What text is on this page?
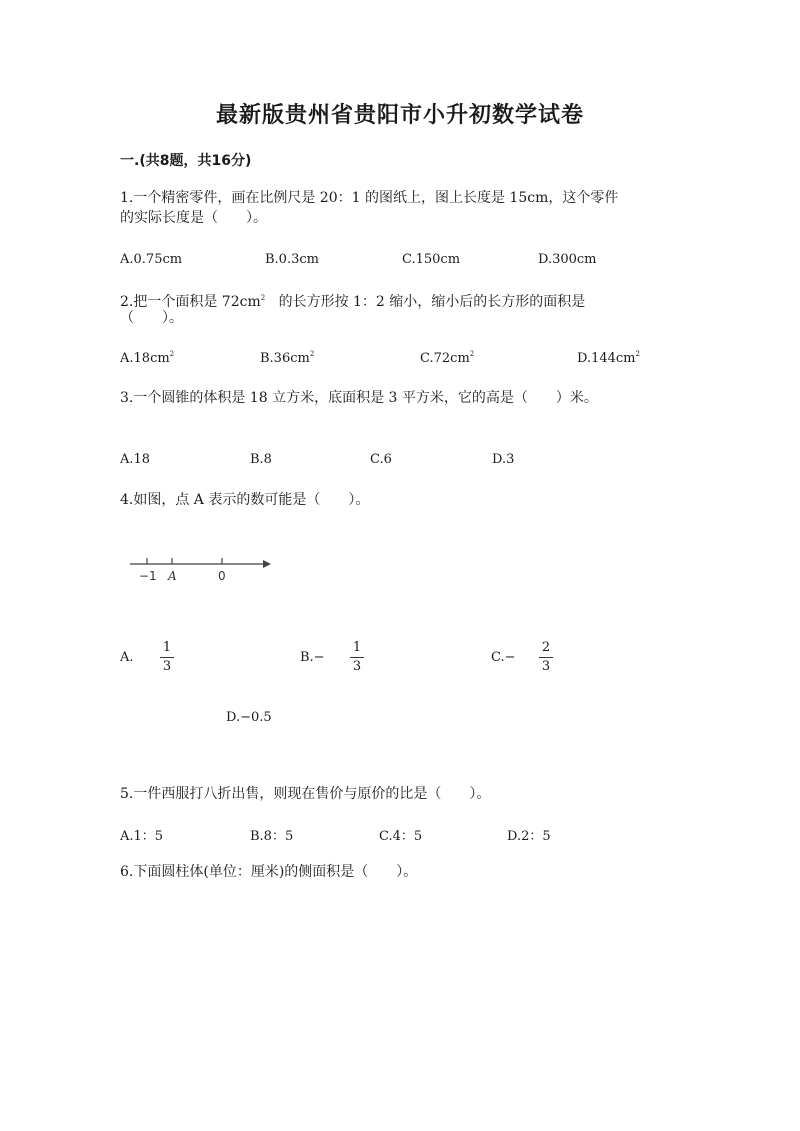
最新版贵州省贵阳市小升初数学试卷
一.(共8题，共16分)
1.一个精密零件，画在比例尺是 20：1 的图纸上，图上长度是 15cm，这个零件
的实际长度是（　　）。
A.0.75cm	B.0.3cm	C.150cm	D.300cm
2.把一个面积是 $72cm^2$ 的长方形按 1：2 缩小，缩小后的长方形的面积是
（　　）。
$A.18cm^2$	$B.36cm^2$	$C.72cm^2$	$D.144cm^2$
3.一个圆锥的体积是 18 立方米，底面积是 3 平方米，它的高是（　　）米。
A.18	B.8	C.6	D.3
4.如图，点 A 表示的数可能是（　　）。
−1 A	0
A.
1
3
B.−
1
3
C.−
2
3
D.−0.5
5.一件西服打八折出售，则现在售价与原价的比是（　　）。
A.1：5	B.8：5	C.4：5	D.2：5
6.下面圆柱体(单位：厘米)的侧面积是（　　）。
